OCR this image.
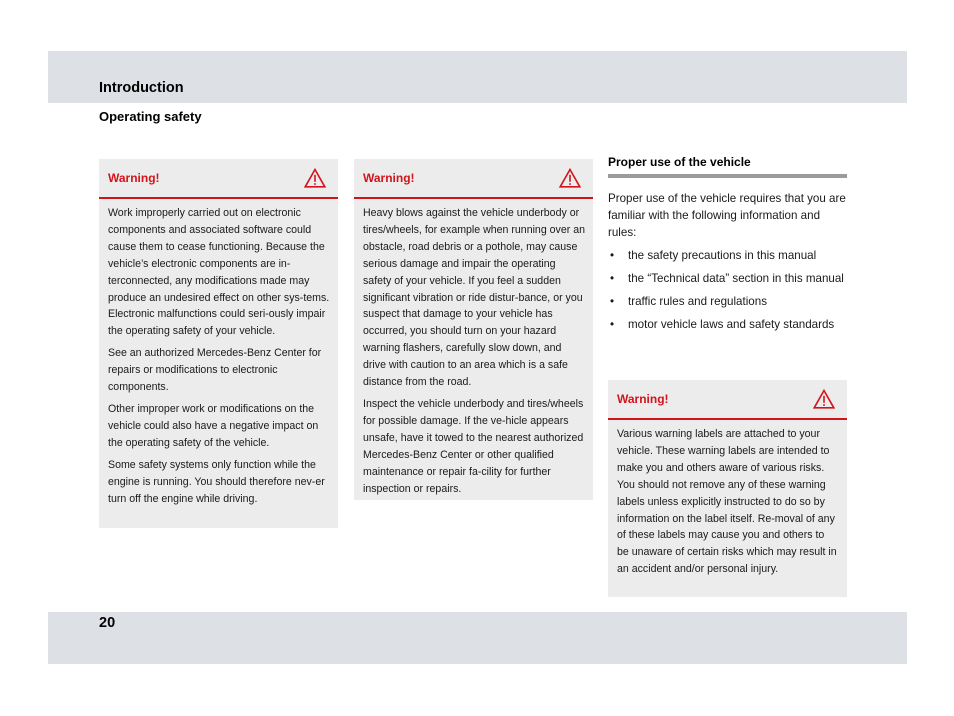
Introduction
Operating safety
Warning!

Work improperly carried out on electronic components and associated software could cause them to cease functioning. Because the vehicle’s electronic components are in-terconnected, any modifications made may produce an undesired effect on other sys-tems. Electronic malfunctions could seri-ously impair the operating safety of your vehicle.

See an authorized Mercedes-Benz Center for repairs or modifications to electronic components.

Other improper work or modifications on the vehicle could also have a negative impact on the operating safety of the vehicle.

Some safety systems only function while the engine is running. You should therefore nev-er turn off the engine while driving.

Warning!

Heavy blows against the vehicle underbody or tires/wheels, for example when running over an obstacle, road debris or a pothole, may cause serious damage and impair the operating safety of your vehicle. If you feel a sudden significant vibration or ride distur-bance, or you suspect that damage to your vehicle has occurred, you should turn on your hazard warning flashers, carefully slow down, and drive with caution to an area which is a safe distance from the road.

Inspect the vehicle underbody and tires/wheels for possible damage. If the ve-hicle appears unsafe, have it towed to the nearest authorized Mercedes-Benz Center or other qualified maintenance or repair fa-cility for further inspection or repairs.

Proper use of the vehicle

Proper use of the vehicle requires that you are familiar with the following information and rules:

• the safety precautions in this manual
• the “Technical data” section in this manual
• traffic rules and regulations
• motor vehicle laws and safety standards
Warning!

Various warning labels are attached to your vehicle. These warning labels are intended to make you and others aware of various risks. You should not remove any of these warning labels unless explicitly instructed to do so by information on the label itself. Re-moval of any of these labels may cause you and others to be unaware of certain risks which may result in an accident and/or personal injury.

20
